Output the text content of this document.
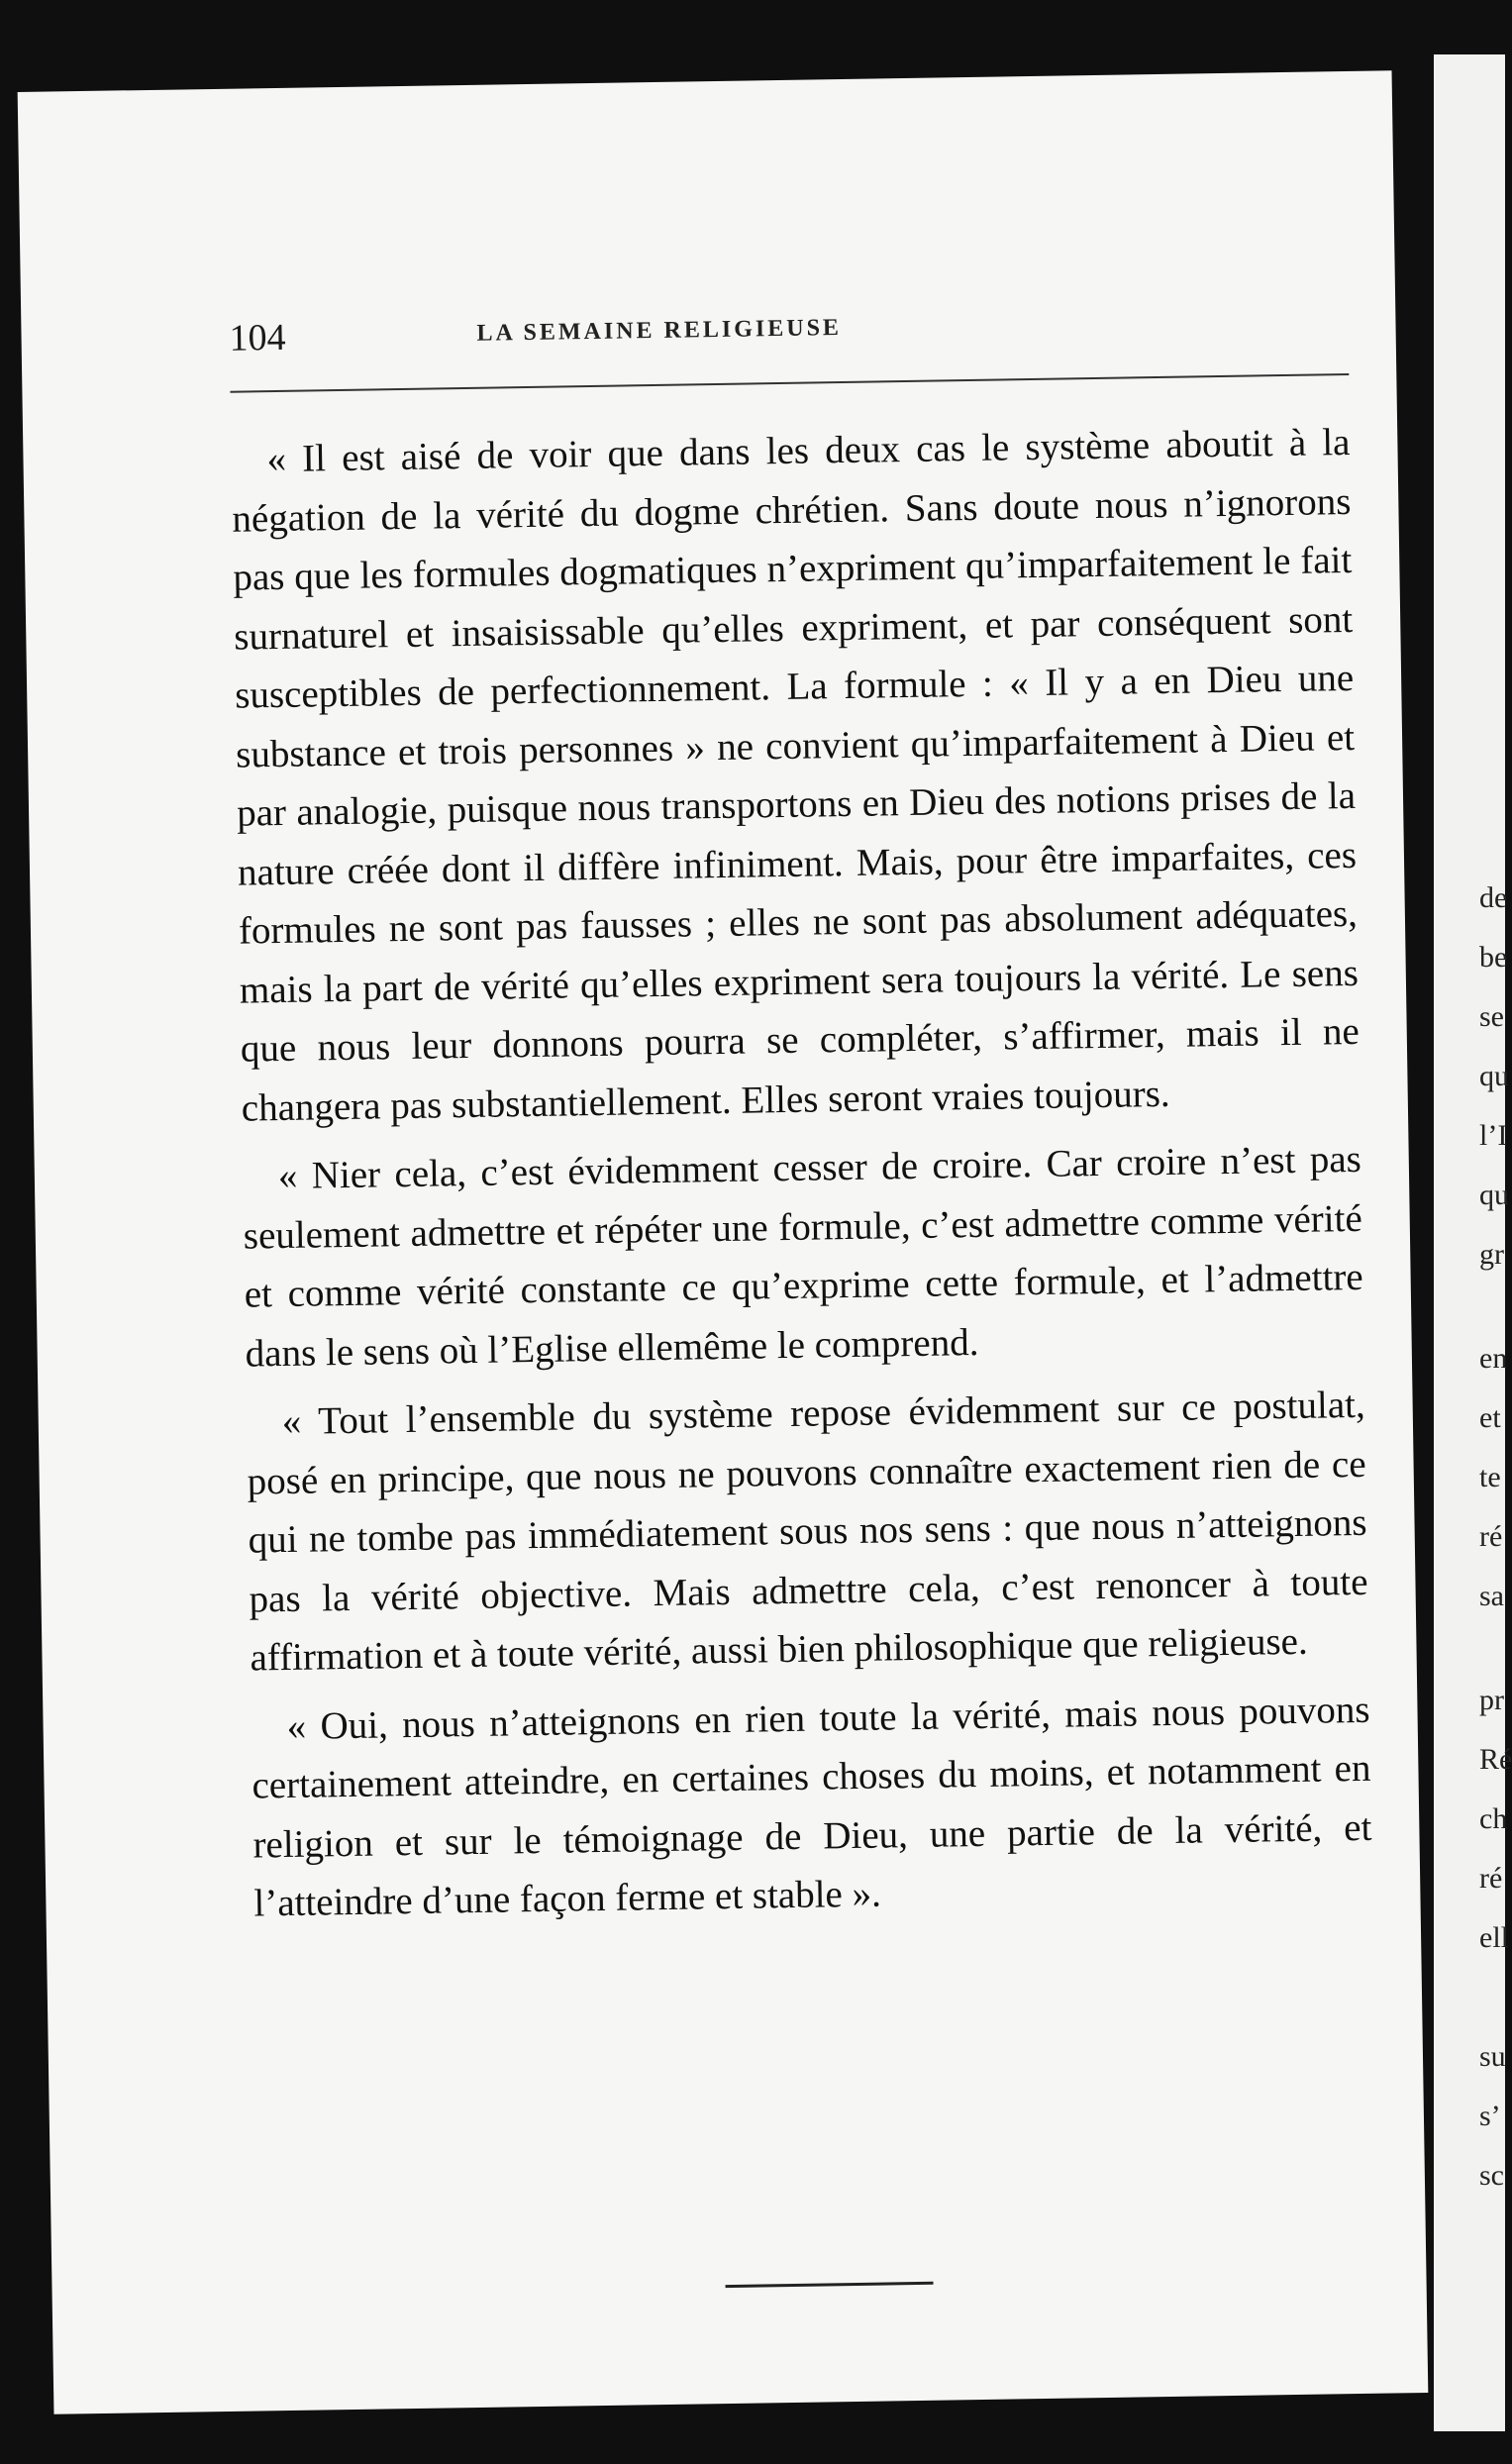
de
be
se
qu
l’I
qu
gr
en
et
te
ré
sa
pr
Ré
ch
ré
ell
su
s’
sc
104	LA SEMAINE RELIGIEUSE

« Il est aisé de voir que dans les deux cas le système aboutit à la négation de la vérité du dogme chrétien. Sans doute nous n’ignorons pas que les formules dogmatiques n’expriment qu’imparfaitement le fait surnaturel et insaisissable qu’elles expriment, et par conséquent sont susceptibles de perfectionnement. La formule : « Il y a en Dieu une substance et trois personnes » ne convient qu’imparfaitement à Dieu et par analogie, puisque nous transportons en Dieu des notions prises de la nature créée dont il diffère infiniment. Mais, pour être imparfaites, ces formules ne sont pas fausses ; elles ne sont pas absolument adéquates, mais la part de vérité qu’elles expriment sera toujours la vérité. Le sens que nous leur donnons pourra se compléter, s’affirmer, mais il ne changera pas substantiellement. Elles seront vraies toujours.

« Nier cela, c’est évidemment cesser de croire. Car croire n’est pas seulement admettre et répéter une formule, c’est admettre comme vérité et comme vérité constante ce qu’exprime cette formule, et l’admettre dans le sens où l’Eglise ellemême le comprend.

« Tout l’ensemble du système repose évidemment sur ce postulat, posé en principe, que nous ne pouvons connaître exactement rien de ce qui ne tombe pas immédiatement sous nos sens : que nous n’atteignons pas la vérité objective. Mais admettre cela, c’est renoncer à toute affirmation et à toute vérité, aussi bien philosophique que religieuse.

« Oui, nous n’atteignons en rien toute la vérité, mais nous pouvons certainement atteindre, en certaines choses du moins, et notamment en religion et sur le témoignage de Dieu, une partie de la vérité, et l’atteindre d’une façon ferme et stable ».
